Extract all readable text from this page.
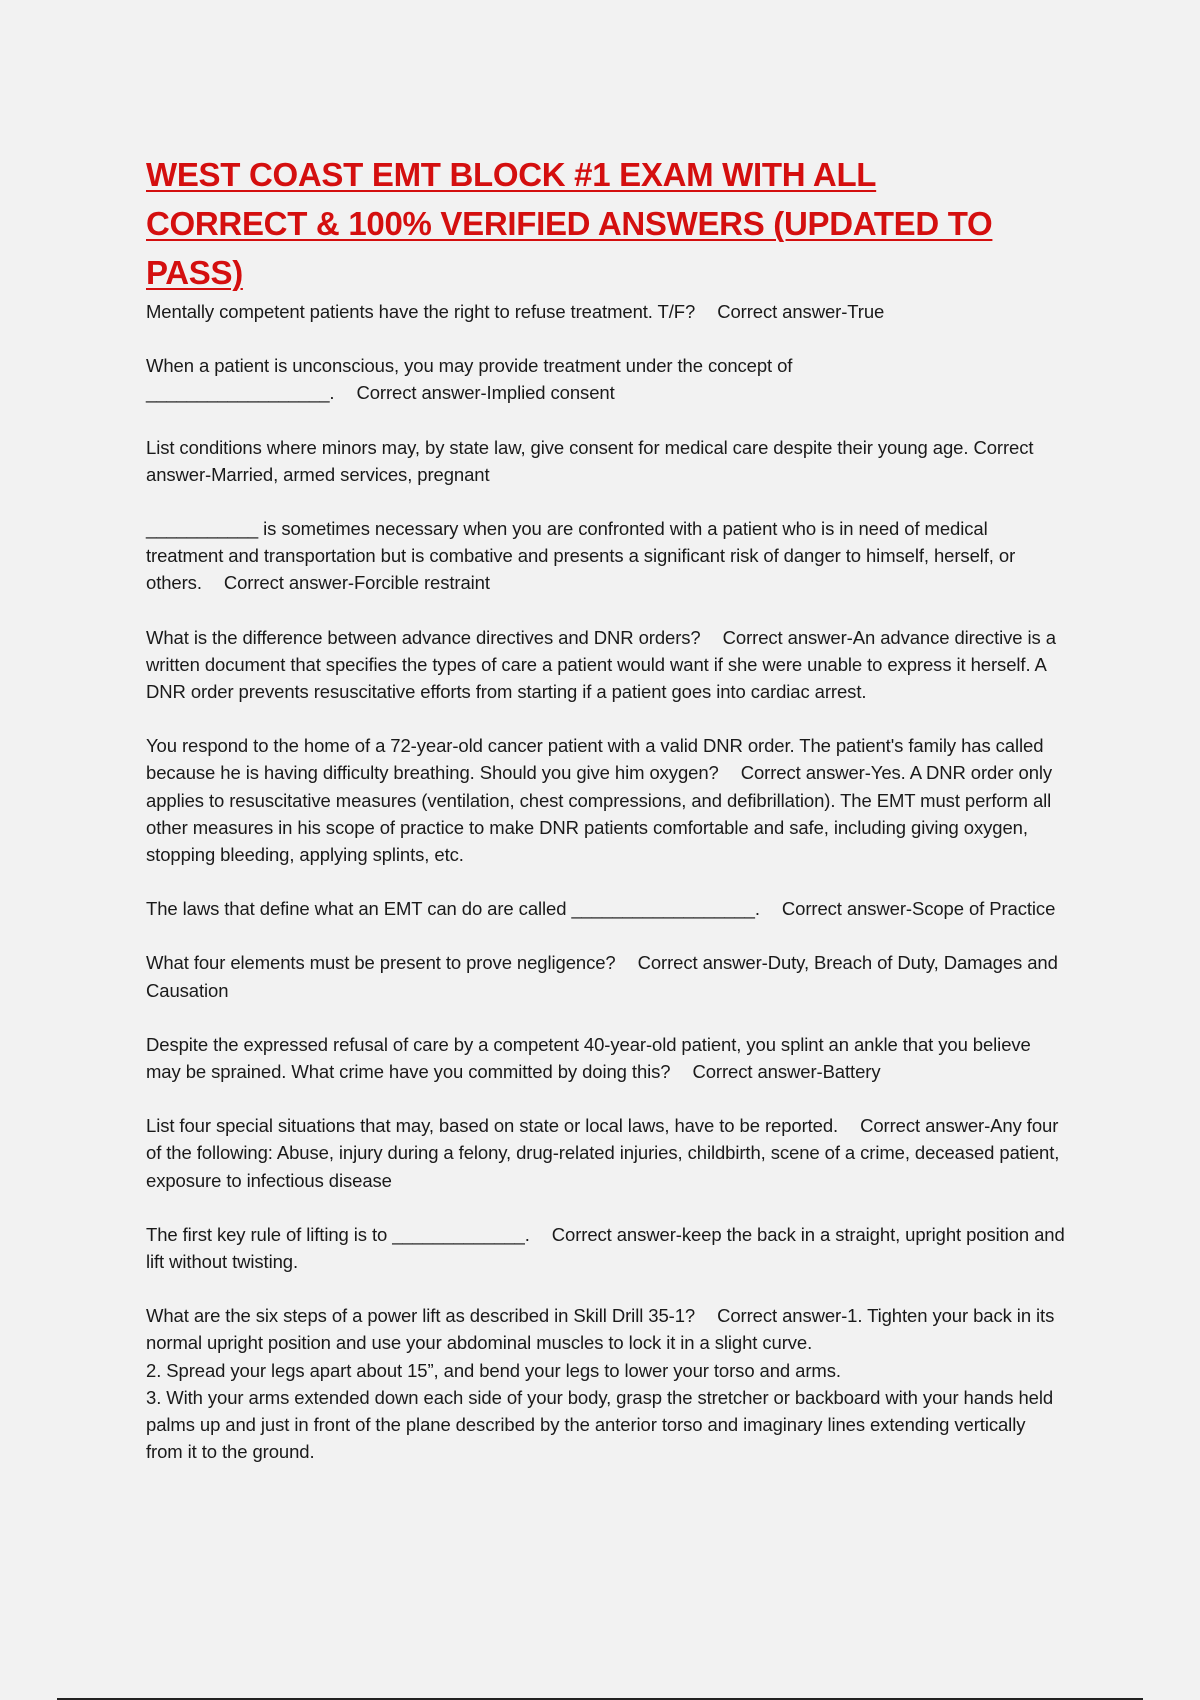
WEST COAST EMT BLOCK #1 EXAM WITH ALL CORRECT & 100% VERIFIED ANSWERS (UPDATED TO PASS)

Mentally competent patients have the right to refuse treatment. T/F? Correct answer-True

When a patient is unconscious, you may provide treatment under the concept of __________________. Correct answer-Implied consent

List conditions where minors may, by state law, give consent for medical care despite their young age. Correct answer-Married, armed services, pregnant

___________ is sometimes necessary when you are confronted with a patient who is in need of medical treatment and transportation but is combative and presents a significant risk of danger to himself, herself, or others. Correct answer-Forcible restraint

What is the difference between advance directives and DNR orders? Correct answer-An advance directive is a written document that specifies the types of care a patient would want if she were unable to express it herself. A DNR order prevents resuscitative efforts from starting if a patient goes into cardiac arrest.

You respond to the home of a 72-year-old cancer patient with a valid DNR order. The patient's family has called because he is having difficulty breathing. Should you give him oxygen? Correct answer-Yes. A DNR order only applies to resuscitative measures (ventilation, chest compressions, and defibrillation). The EMT must perform all other measures in his scope of practice to make DNR patients comfortable and safe, including giving oxygen, stopping bleeding, applying splints, etc.

The laws that define what an EMT can do are called __________________. Correct answer-Scope of Practice

What four elements must be present to prove negligence? Correct answer-Duty, Breach of Duty, Damages and Causation

Despite the expressed refusal of care by a competent 40-year-old patient, you splint an ankle that you believe may be sprained. What crime have you committed by doing this? Correct answer-Battery

List four special situations that may, based on state or local laws, have to be reported. Correct answer-Any four of the following: Abuse, injury during a felony, drug-related injuries, childbirth, scene of a crime, deceased patient, exposure to infectious disease

The first key rule of lifting is to _____________. Correct answer-keep the back in a straight, upright position and lift without twisting.

What are the six steps of a power lift as described in Skill Drill 35-1? Correct answer-1. Tighten your back in its normal upright position and use your abdominal muscles to lock it in a slight curve.
2. Spread your legs apart about 15”, and bend your legs to lower your torso and arms.
3. With your arms extended down each side of your body, grasp the stretcher or backboard with your hands held palms up and just in front of the plane described by the anterior torso and imaginary lines extending vertically from it to the ground.
